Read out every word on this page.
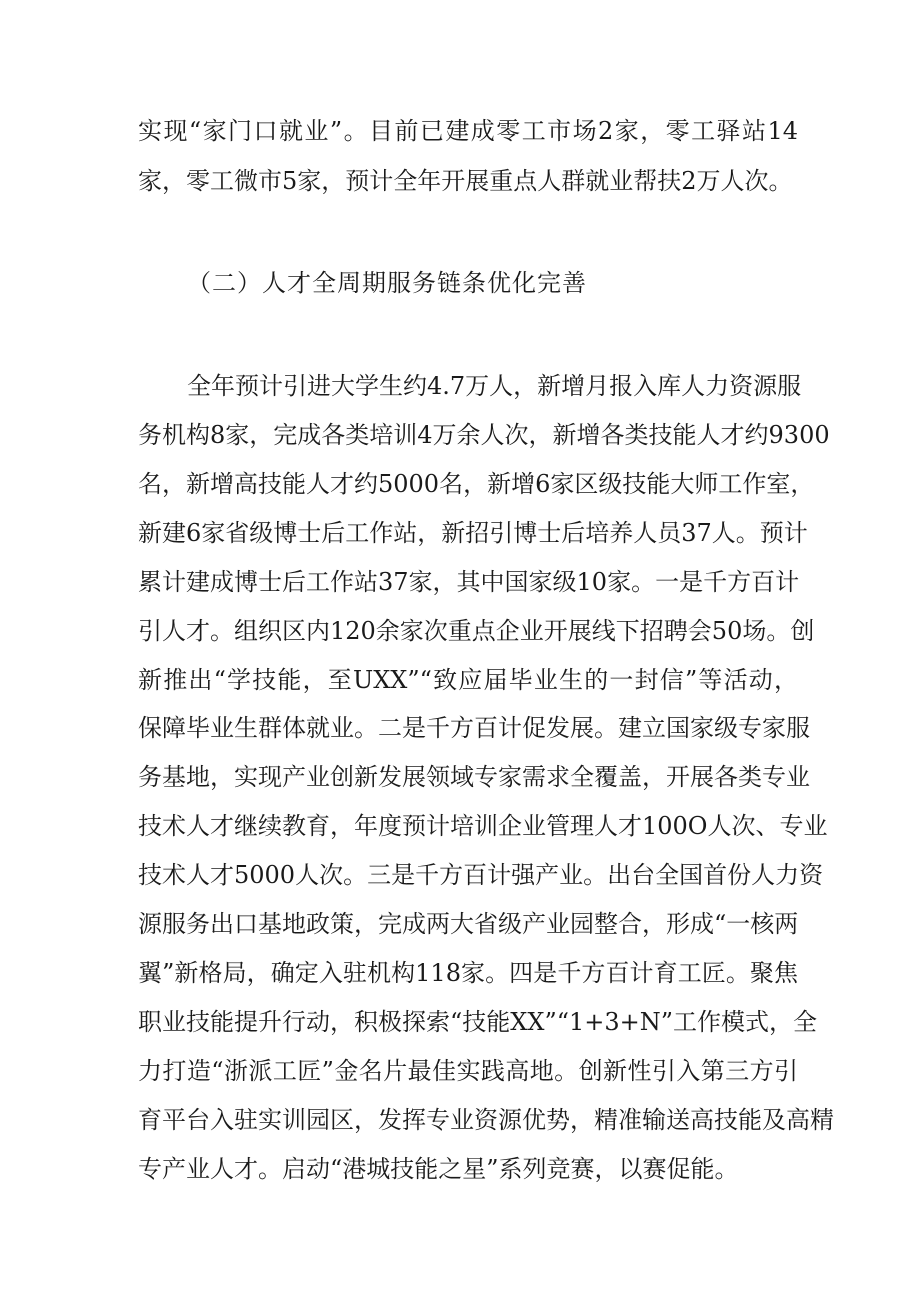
实现“家门口就业”。目前已建成零工市场2家，零工驿站14
家，零工微市5家，预计全年开展重点人群就业帮扶2万人次。
（二）人才全周期服务链条优化完善
全年预计引进大学生约4.7万人，新增月报入库人力资源服
务机构8家，完成各类培训4万余人次，新增各类技能人才约9300
名，新增高技能人才约5000名，新增6家区级技能大师工作室，
新建6家省级博士后工作站，新招引博士后培养人员37人。预计
累计建成博士后工作站37家，其中国家级10家。一是千方百计
引人才。组织区内120余家次重点企业开展线下招聘会50场。创
新推出“学技能，至UXX”“致应届毕业生的一封信”等活动，
保障毕业生群体就业。二是千方百计促发展。建立国家级专家服
务基地，实现产业创新发展领域专家需求全覆盖，开展各类专业
技术人才继续教育，年度预计培训企业管理人才100O人次、专业
技术人才5000人次。三是千方百计强产业。出台全国首份人力资
源服务出口基地政策，完成两大省级产业园整合，形成“一核两
翼”新格局，确定入驻机构118家。四是千方百计育工匠。聚焦
职业技能提升行动，积极探索“技能XX”“1+3+N”工作模式，全
力打造“浙派工匠”金名片最佳实践高地。创新性引入第三方引
育平台入驻实训园区，发挥专业资源优势，精准输送高技能及高精
专产业人才。启动“港城技能之星”系列竞赛，以赛促能。
